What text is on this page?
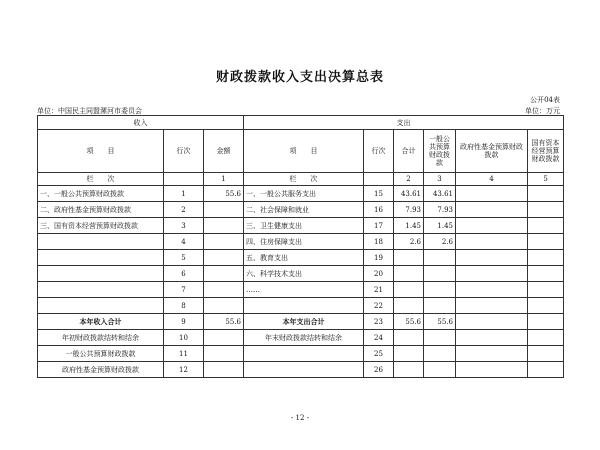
财政拨款收入支出决算总表
公开04表
单位：中国民主同盟漯河市委员会	单位：万元
收入			支出					
项　　目	行次	金额	项　　目	行次	合计	一般公共预算财政拨款	政府性基金预算财政拨款	国有资本经营预算财政拨款
栏　　次		1	栏　　次		2	3	4	5
一、一般公共预算财政拨款	1	55.6	一、一般公共服务支出	15	43.61	43.61		
二、政府性基金预算财政拨款	2		二、社会保障和就业	16	7.93	7.93		
三、国有资本经营预算财政拨款	3		三、卫生健康支出	17	1.45	1.45		
	4		四、住房保障支出	18	2.6	2.6		
	5		五、教育支出	19				
	6		六、科学技术支出	20				
	7		……	21				
	8			22				
本年收入合计	9	55.6	本年支出合计	23	55.6	55.6		
年初财政拨款结转和结余	10		年末财政拨款结转和结余	24				
一般公共预算财政拨款	11			25				
政府性基金预算财政拨款	12			26				
- 12 -
